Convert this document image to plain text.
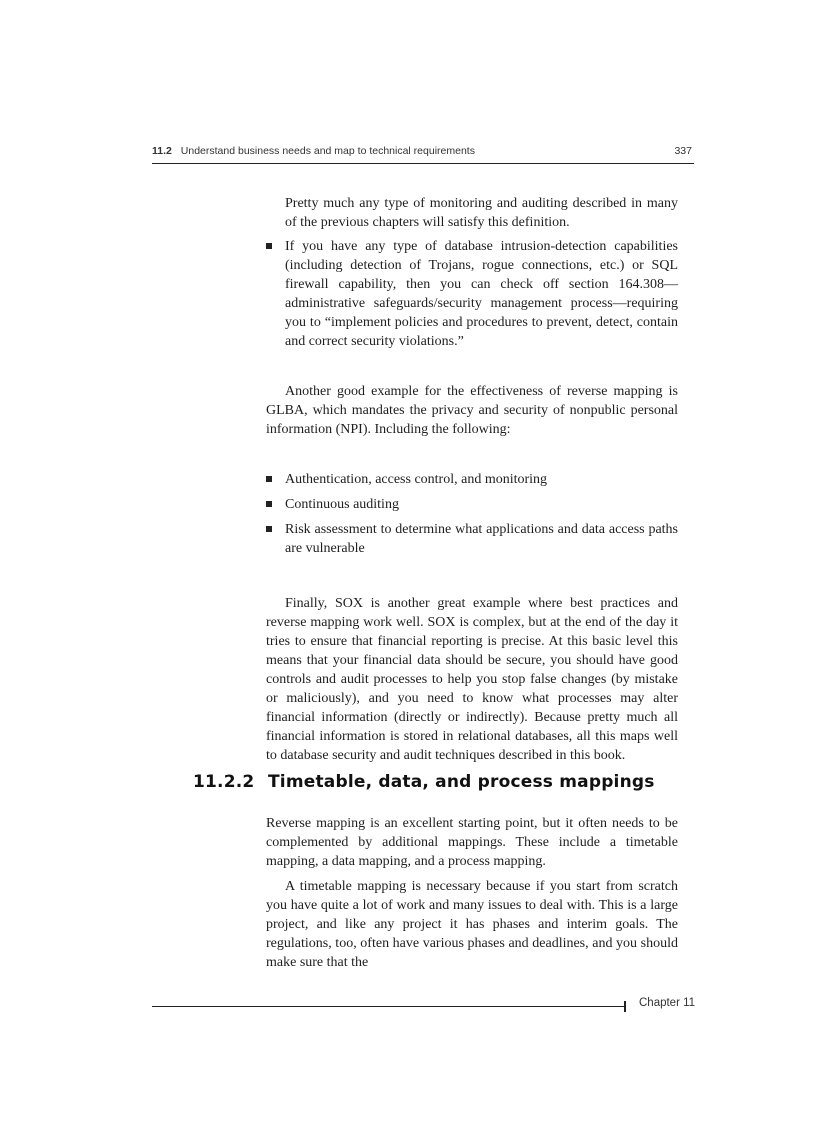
11.2 Understand business needs and map to technical requirements	337

Pretty much any type of monitoring and auditing described in many of the previous chapters will satisfy this definition.

If you have any type of database intrusion-detection capabilities (including detection of Trojans, rogue connections, etc.) or SQL firewall capability, then you can check off section 164.308—administrative safeguards/security management process—requiring you to “implement policies and procedures to prevent, detect, contain and correct security violations.”

Another good example for the effectiveness of reverse mapping is GLBA, which mandates the privacy and security of nonpublic personal information (NPI). Including the following:

Authentication, access control, and monitoring
Continuous auditing
Risk assessment to determine what applications and data access paths are vulnerable

Finally, SOX is another great example where best practices and reverse mapping work well. SOX is complex, but at the end of the day it tries to ensure that financial reporting is precise. At this basic level this means that your financial data should be secure, you should have good controls and audit processes to help you stop false changes (by mistake or maliciously), and you need to know what processes may alter financial information (directly or indirectly). Because pretty much all financial information is stored in relational databases, all this maps well to database security and audit techniques described in this book.

11.2.2 Timetable, data, and process mappings

Reverse mapping is an excellent starting point, but it often needs to be complemented by additional mappings. These include a timetable mapping, a data mapping, and a process mapping.

A timetable mapping is necessary because if you start from scratch you have quite a lot of work and many issues to deal with. This is a large project, and like any project it has phases and interim goals. The regulations, too, often have various phases and deadlines, and you should make sure that the

Chapter 11
